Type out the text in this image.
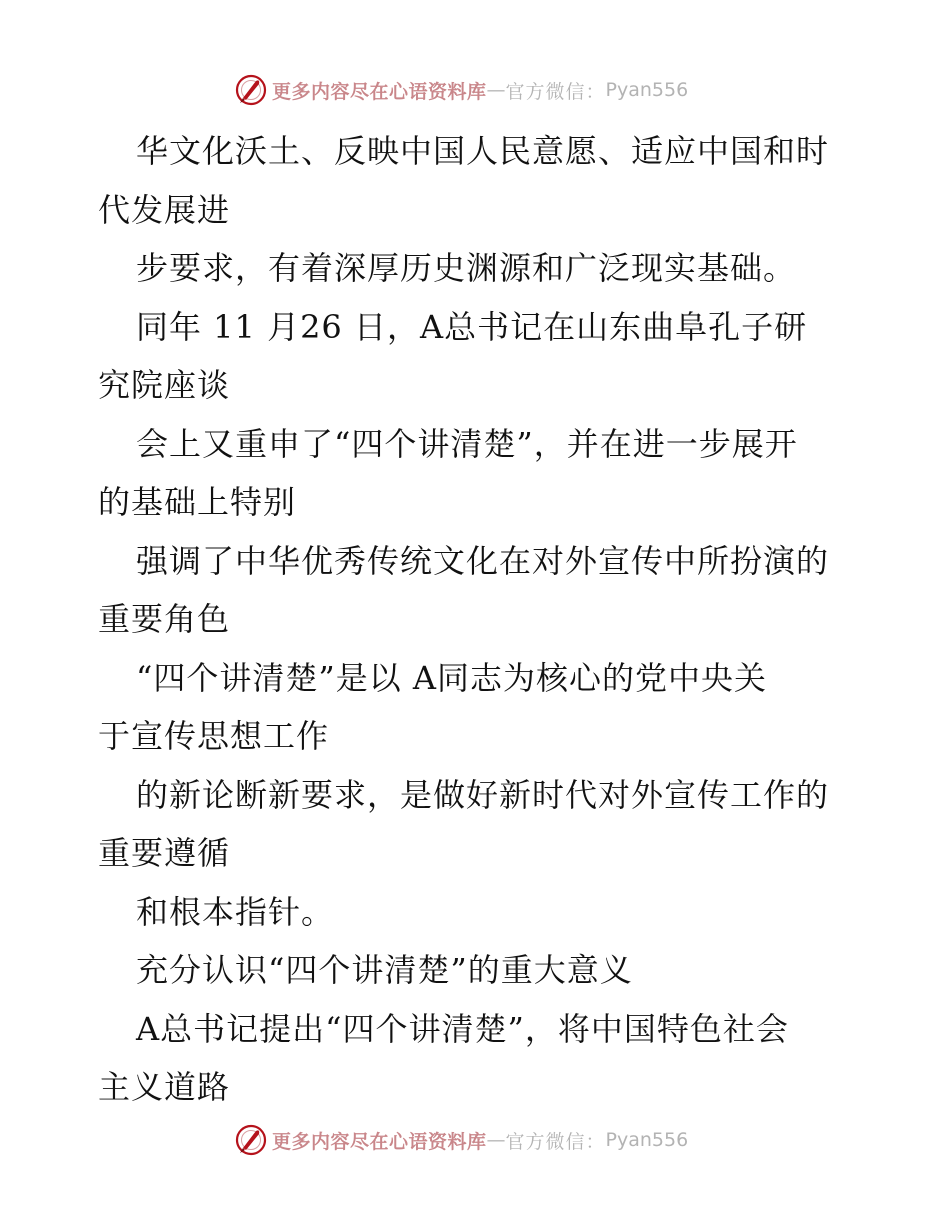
更多内容尽在心语资料库 — 官方微信： Pyan556
华文化沃土、反映中国人民意愿、适应中国和时
代发展进
步要求，有着深厚历史渊源和广泛现实基础。
同年 11 月26 日，A总书记在山东曲阜孔子研
究院座谈
会上又重申了“四个讲清楚”，并在进一步展开
的基础上特别
强调了中华优秀传统文化在对外宣传中所扮演的
重要角色
“四个讲清楚”是以 A同志为核心的党中央关
于宣传思想工作
的新论断新要求，是做好新时代对外宣传工作的
重要遵循
和根本指针。
充分认识“四个讲清楚”的重大意义
A总书记提出“四个讲清楚”，将中国特色社会
主义道路
更多内容尽在心语资料库 — 官方微信： Pyan556
